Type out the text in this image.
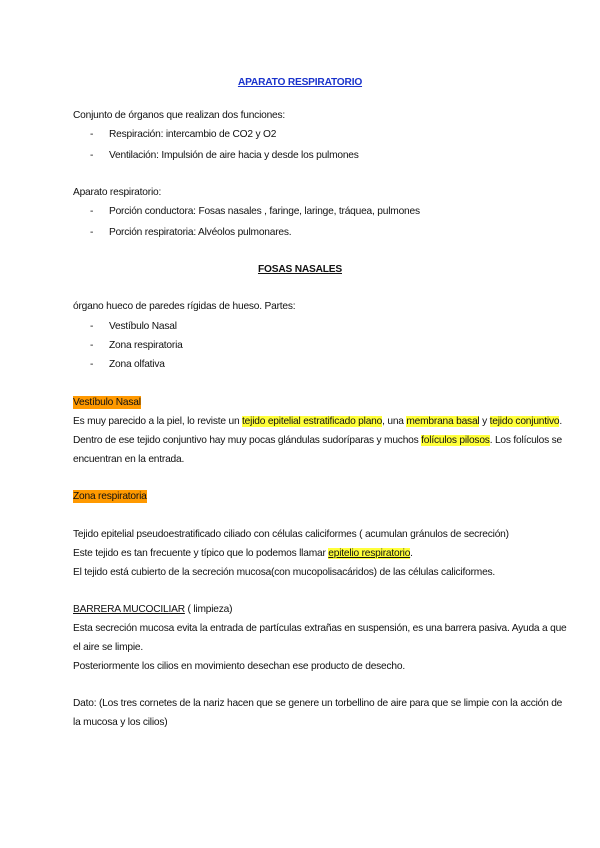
APARATO RESPIRATORIO
Conjunto de órganos que realizan dos funciones:
- Respiración: intercambio de CO2 y O2
- Ventilación: Impulsión de aire hacia y desde los pulmones
Aparato respiratorio:
- Porción conductora: Fosas nasales , faringe, laringe, tráquea, pulmones
- Porción respiratoria: Alvéolos pulmonares.
FOSAS NASALES
órgano hueco de paredes rígidas de hueso. Partes:
- Vestíbulo Nasal
- Zona respiratoria
- Zona olfativa
Vestíbulo Nasal
Es muy parecido a la piel, lo reviste un tejido epitelial estratificado plano, una membrana basal y tejido conjuntivo.
Dentro de ese tejido conjuntivo hay muy pocas glándulas sudoríparas y muchos folículos pilosos. Los folículos se
encuentran en la entrada.
Zona respiratoria
Tejido epitelial pseudoestratificado ciliado con células caliciformes ( acumulan gránulos de secreción)
Este tejido es tan frecuente y típico que lo podemos llamar epitelio respiratorio.
El tejido está cubierto de la secreción mucosa(con mucopolisacáridos) de las células caliciformes.
BARRERA MUCOCILIAR ( limpieza)
Esta secreción mucosa evita la entrada de partículas extrañas en suspensión, es una barrera pasiva. Ayuda a que
el aire se limpie.
Posteriormente los cilios en movimiento desechan ese producto de desecho.
Dato: (Los tres cornetes de la nariz hacen que se genere un torbellino de aire para que se limpie con la acción de
la mucosa y los cilios)
